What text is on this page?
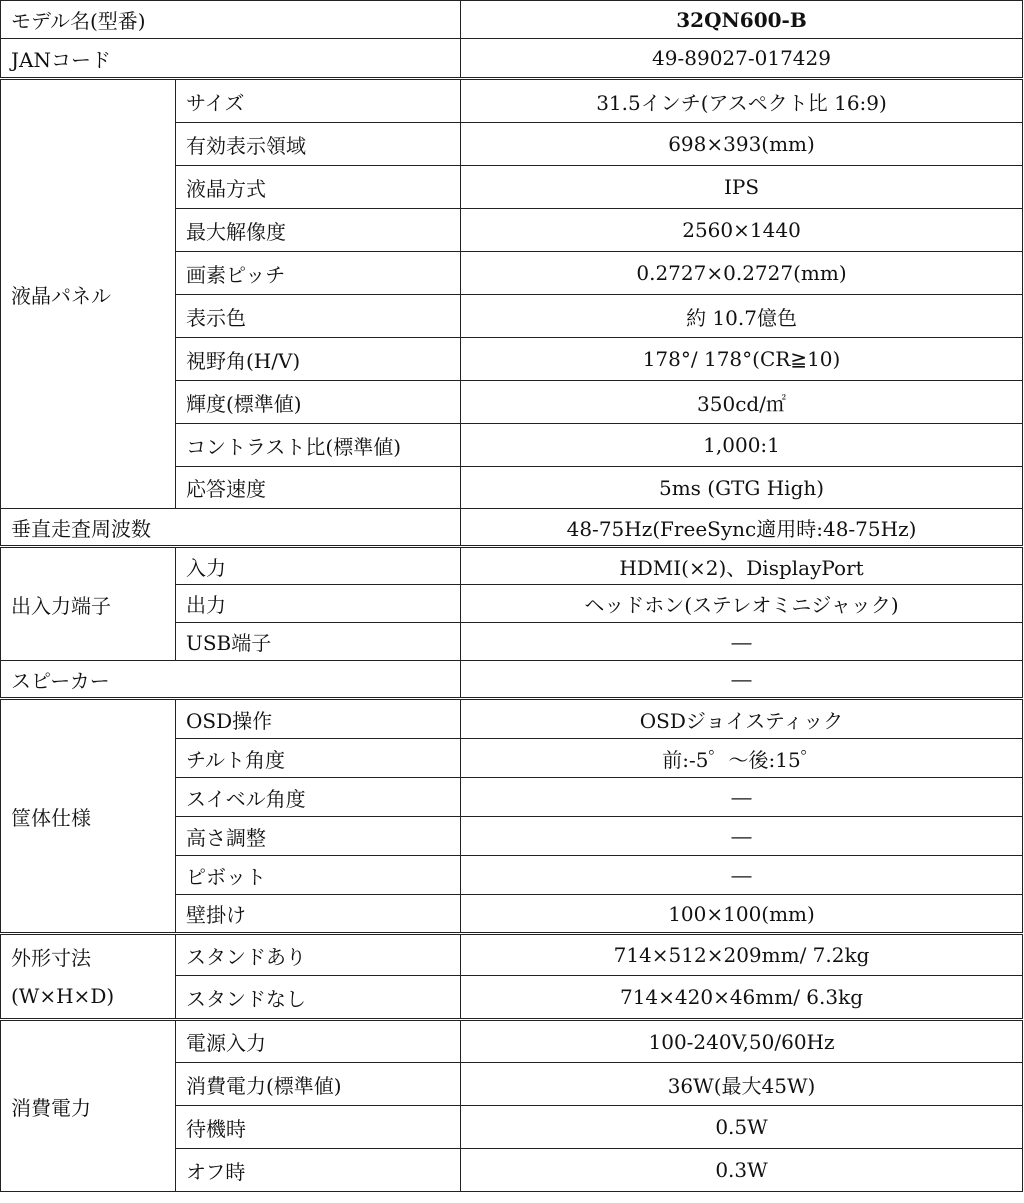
モデル名(型番)		32QN600-B
JANコード		49-89027-017429
液晶パネル	サイズ	31.5インチ(アスペクト比 16:9)
	有効表示領域	698×393(mm)
	液晶方式	IPS
	最大解像度	2560×1440
	画素ピッチ	0.2727×0.2727(mm)
	表示色	約 10.7億色
	視野角(H/V)	178°/ 178°(CR≧10)
	輝度(標準値)	350cd/㎡
	コントラスト比(標準値)	1,000:1
	応答速度	5ms (GTG High)
垂直走査周波数		48-75Hz(FreeSync適用時:48-75Hz)
出入力端子	入力	HDMI(×2)、DisplayPort
	出力	ヘッドホン(ステレオミニジャック)
	USB端子	―
スピーカー		―
筐体仕様	OSD操作	OSDジョイスティック
	チルト角度	前:-5゜～後:15゜
	スイベル角度	―
	高さ調整	―
	ピボット	―
	壁掛け	100×100(mm)

外形寸法
(W×H×D)	スタンドあり	714×512×209mm/ 7.2kg
	スタンドなし	714×420×46mm/ 6.3kg
消費電力	電源入力	100-240V,50/60Hz
	消費電力(標準値)	36W(最大45W)
	待機時	0.5W
	オフ時	0.3W
